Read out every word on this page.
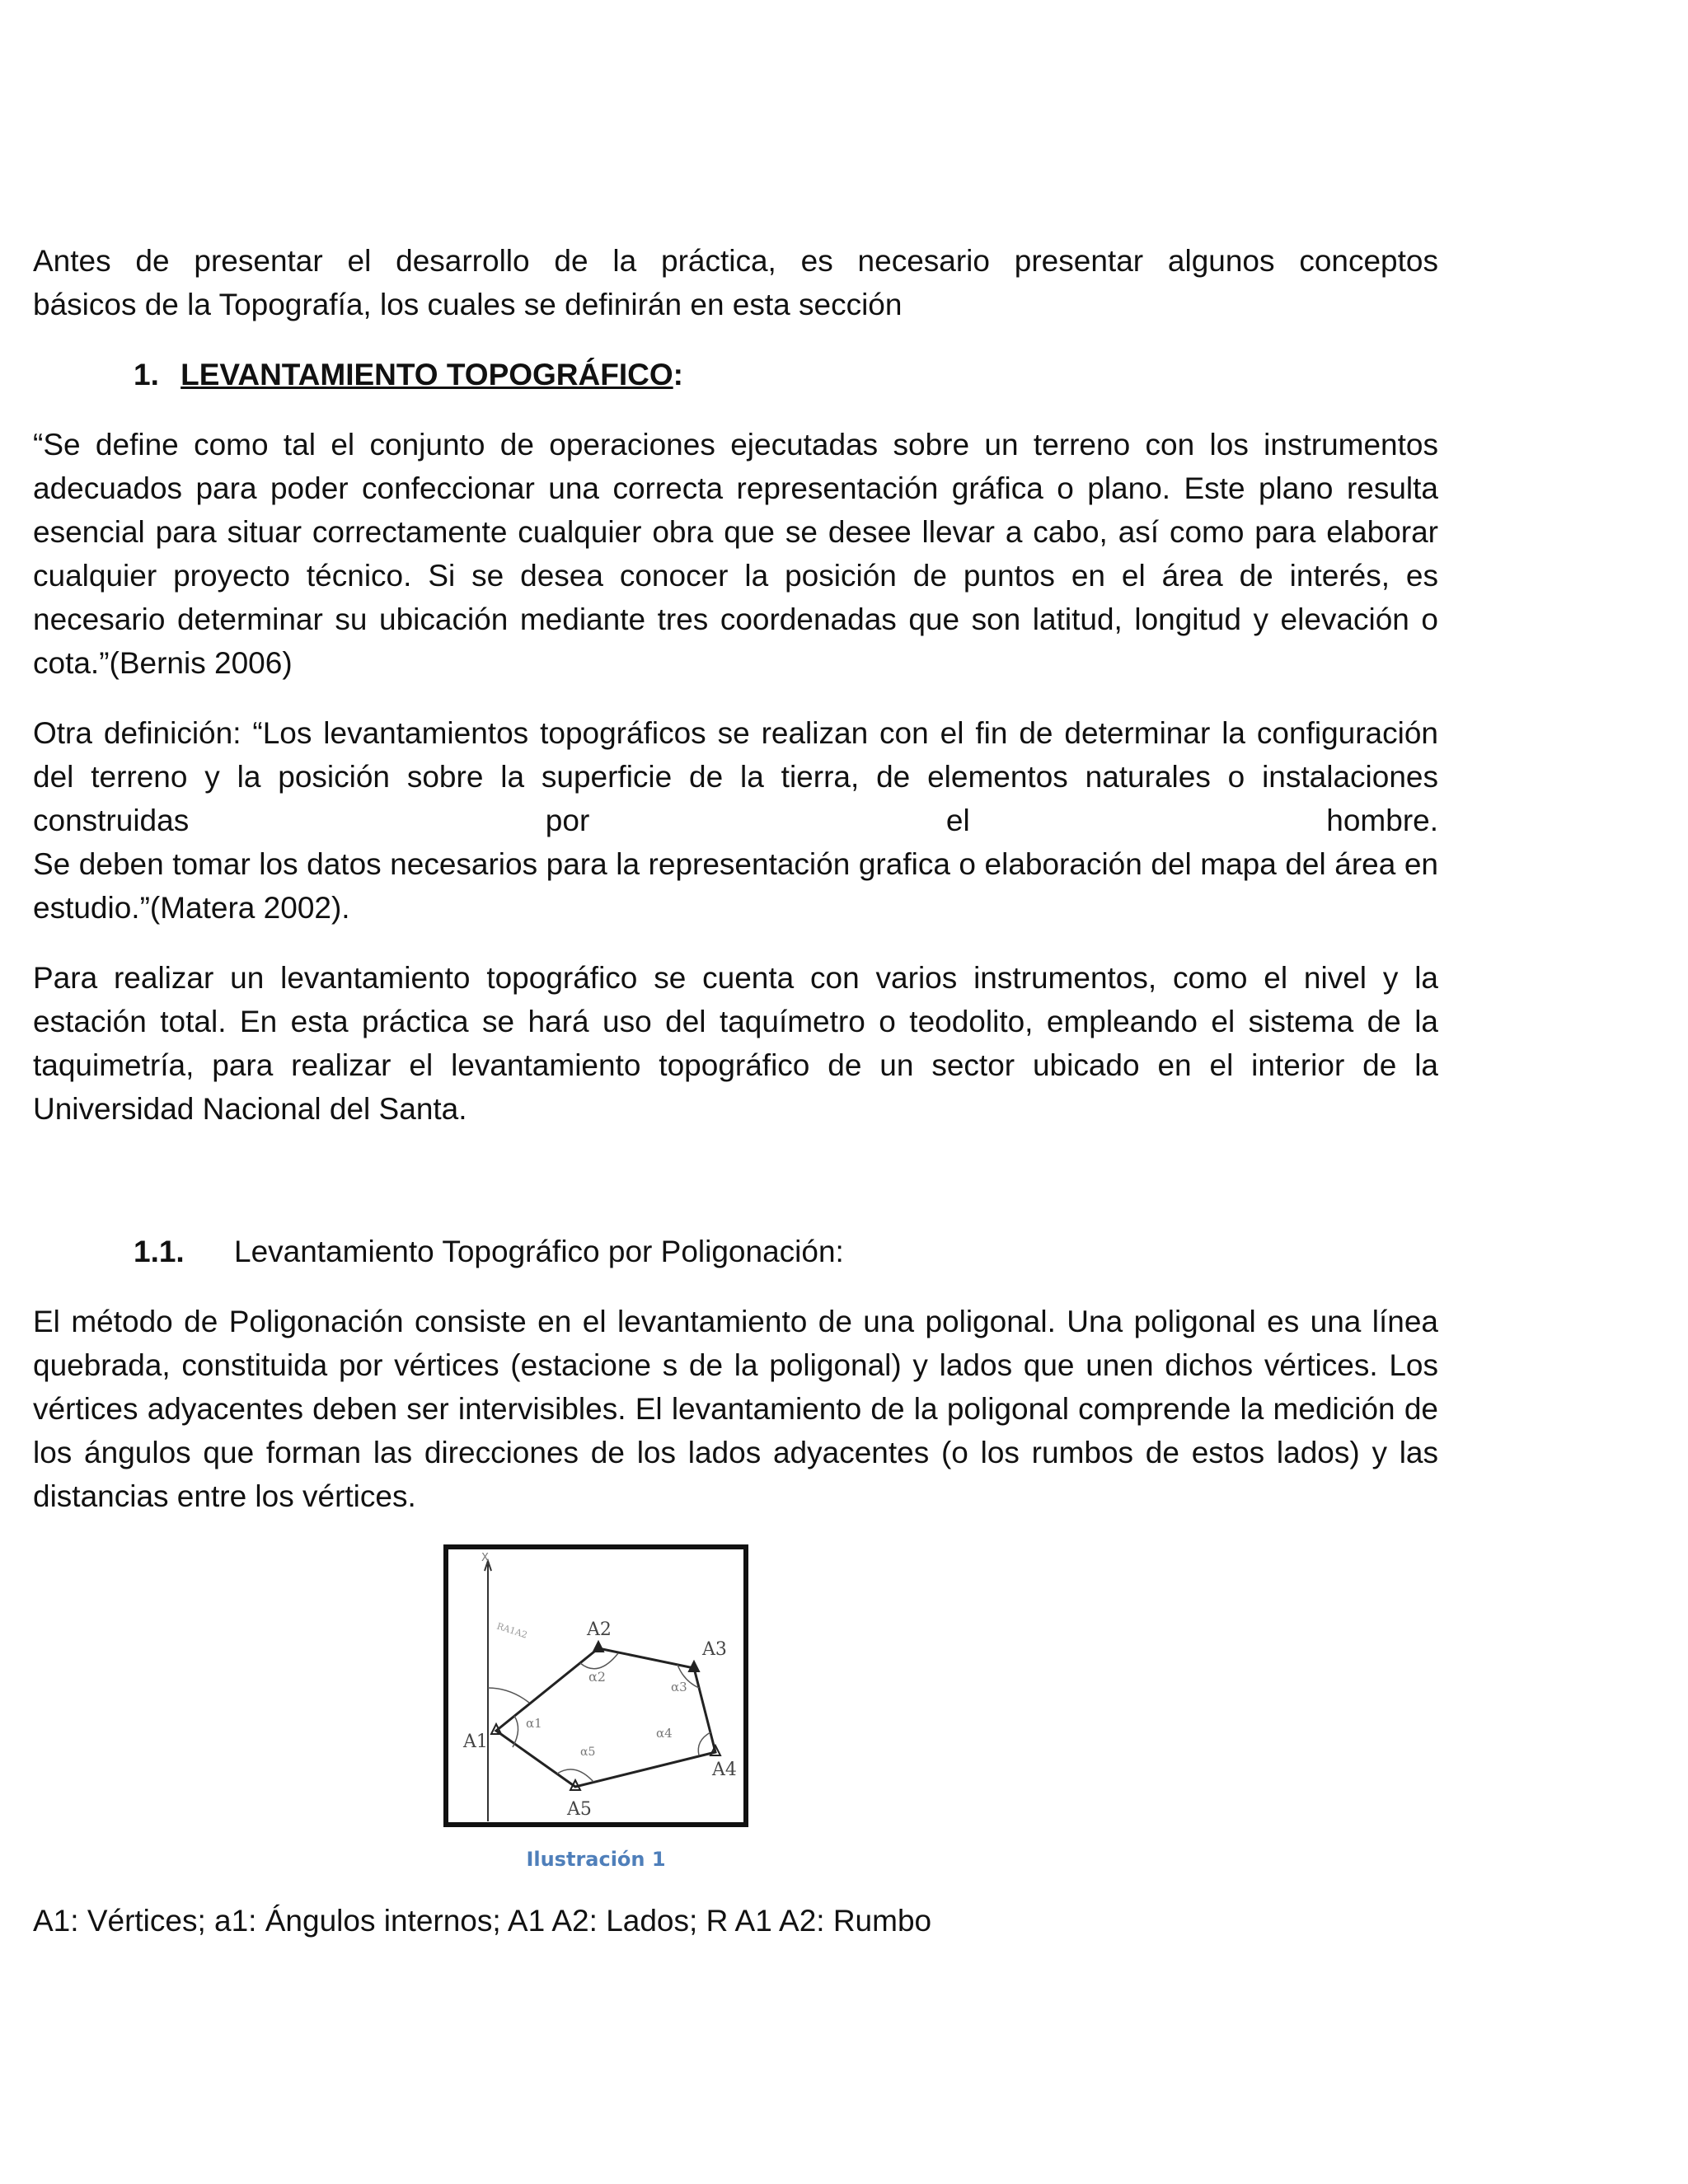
Antes de presentar el desarrollo de la práctica, es necesario presentar algunos conceptos
básicos de la Topografía, los cuales se definirán en esta sección

1. LEVANTAMIENTO TOPOGRÁFICO:

“Se define como tal el conjunto de operaciones ejecutadas sobre un terreno con los instrumentos adecuados para poder confeccionar una correcta representación gráfica o plano. Este plano resulta esencial para situar correctamente cualquier obra que se desee llevar a cabo, así como para elaborar cualquier proyecto técnico. Si se desea conocer la posición de puntos en el área de interés, es necesario determinar su ubicación mediante tres coordenadas que son latitud, longitud y elevación o cota.”(Bernis 2006)

Otra definición: “Los levantamientos topográficos se realizan con el fin de determinar la configuración del terreno y la posición sobre la superficie de la tierra, de elementos naturales o instalaciones construidas por el hombre.
Se deben tomar los datos necesarios para la representación grafica o elaboración del mapa del área en estudio.”(Matera 2002).

Para realizar un levantamiento topográfico se cuenta con varios instrumentos, como el nivel y la estación total. En esta práctica se hará uso del taquímetro o teodolito, empleando el sistema de la taquimetría, para realizar el levantamiento topográfico de un sector ubicado en el interior de la Universidad Nacional del Santa.

1.1. Levantamiento Topográfico por Poligonación:

El método de Poligonación consiste en el levantamiento de una poligonal. Una poligonal es una línea quebrada, constituida por vértices (estacione s de la poligonal) y lados que unen dichos vértices. Los vértices adyacentes deben ser intervisibles. El levantamiento de la poligonal comprende la medición de los ángulos que forman las direcciones de los lados adyacentes (o los rumbos de estos lados) y las distancias entre los vértices.

X
A1
A2
A3
A4
A5
RA1A2
α1
α2
α3
α4
α5
Ilustración 1

A1: Vértices; a1: Ángulos internos; A1 A2: Lados; R A1 A2: Rumbo
